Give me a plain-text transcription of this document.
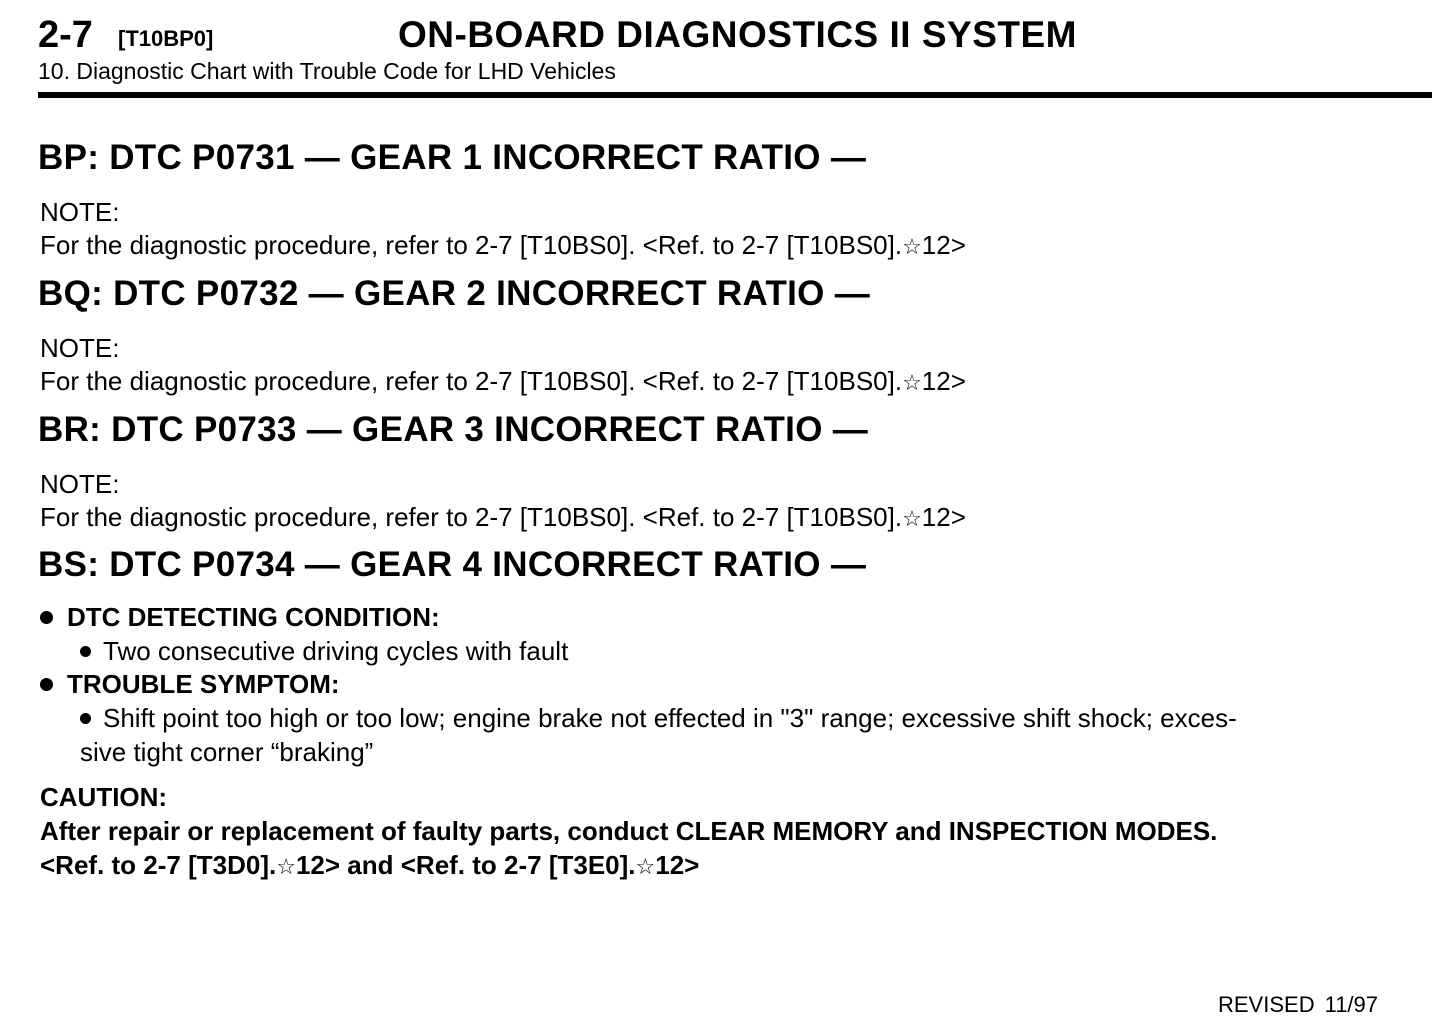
2-7 [T10BP0]	ON-BOARD DIAGNOSTICS II SYSTEM
10. Diagnostic Chart with Trouble Code for LHD Vehicles
BP: DTC P0731 — GEAR 1 INCORRECT RATIO —
NOTE:
For the diagnostic procedure, refer to 2-7 [T10BS0]. <Ref. to 2-7 [T10BS0].☆12>
BQ: DTC P0732 — GEAR 2 INCORRECT RATIO —
NOTE:
For the diagnostic procedure, refer to 2-7 [T10BS0]. <Ref. to 2-7 [T10BS0].☆12>
BR: DTC P0733 — GEAR 3 INCORRECT RATIO —
NOTE:
For the diagnostic procedure, refer to 2-7 [T10BS0]. <Ref. to 2-7 [T10BS0].☆12>
BS: DTC P0734 — GEAR 4 INCORRECT RATIO —
DTC DETECTING CONDITION:
Two consecutive driving cycles with fault
TROUBLE SYMPTOM:
Shift point too high or too low; engine brake not effected in "3" range; excessive shift shock; exces-
sive tight corner “braking”
CAUTION:
After repair or replacement of faulty parts, conduct CLEAR MEMORY and INSPECTION MODES.
<Ref. to 2-7 [T3D0].☆12> and <Ref. to 2-7 [T3E0].☆12>
REVISED 11/97
